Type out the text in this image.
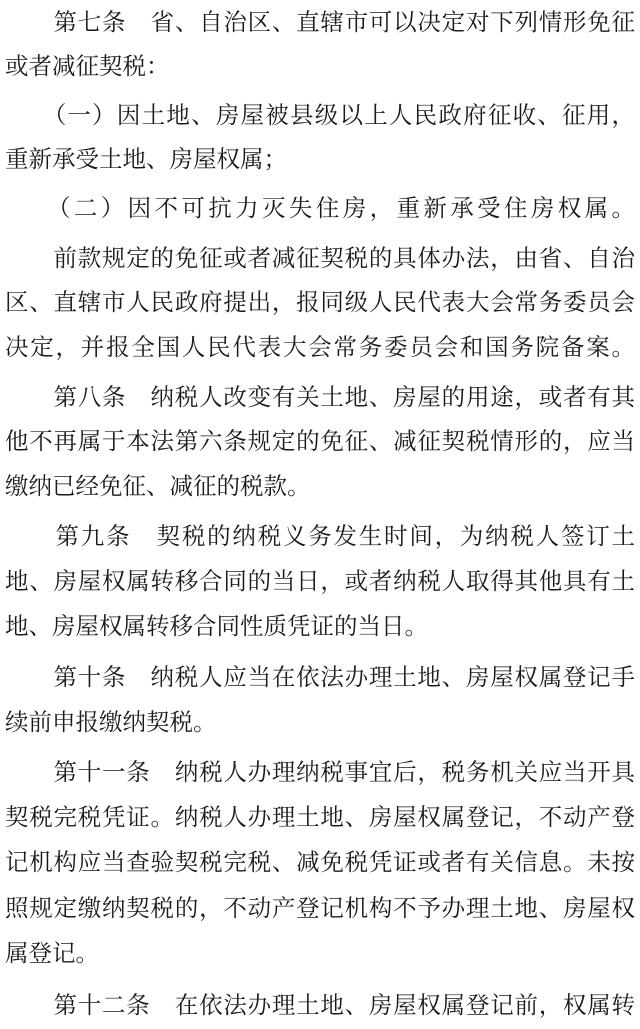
　　第七条　省、自治区、直辖市可以决定对下列情形免征
或者减征契税：
　　（一）因土地、房屋被县级以上人民政府征收、征用，
重新承受土地、房屋权属；
　　（二）因不可抗力灭失住房，重新承受住房权属。
　　前款规定的免征或者减征契税的具体办法，由省、自治
区、直辖市人民政府提出，报同级人民代表大会常务委员会
决定，并报全国人民代表大会常务委员会和国务院备案。
　　第八条　纳税人改变有关土地、房屋的用途，或者有其
他不再属于本法第六条规定的免征、减征契税情形的，应当
缴纳已经免征、减征的税款。
　　第九条　契税的纳税义务发生时间，为纳税人签订土
地、房屋权属转移合同的当日，或者纳税人取得其他具有土
地、房屋权属转移合同性质凭证的当日。
　　第十条　纳税人应当在依法办理土地、房屋权属登记手
续前申报缴纳契税。
　　第十一条　纳税人办理纳税事宜后，税务机关应当开具
契税完税凭证。纳税人办理土地、房屋权属登记，不动产登
记机构应当查验契税完税、减免税凭证或者有关信息。未按
照规定缴纳契税的，不动产登记机构不予办理土地、房屋权
属登记。
　　第十二条　在依法办理土地、房屋权属登记前，权属转
